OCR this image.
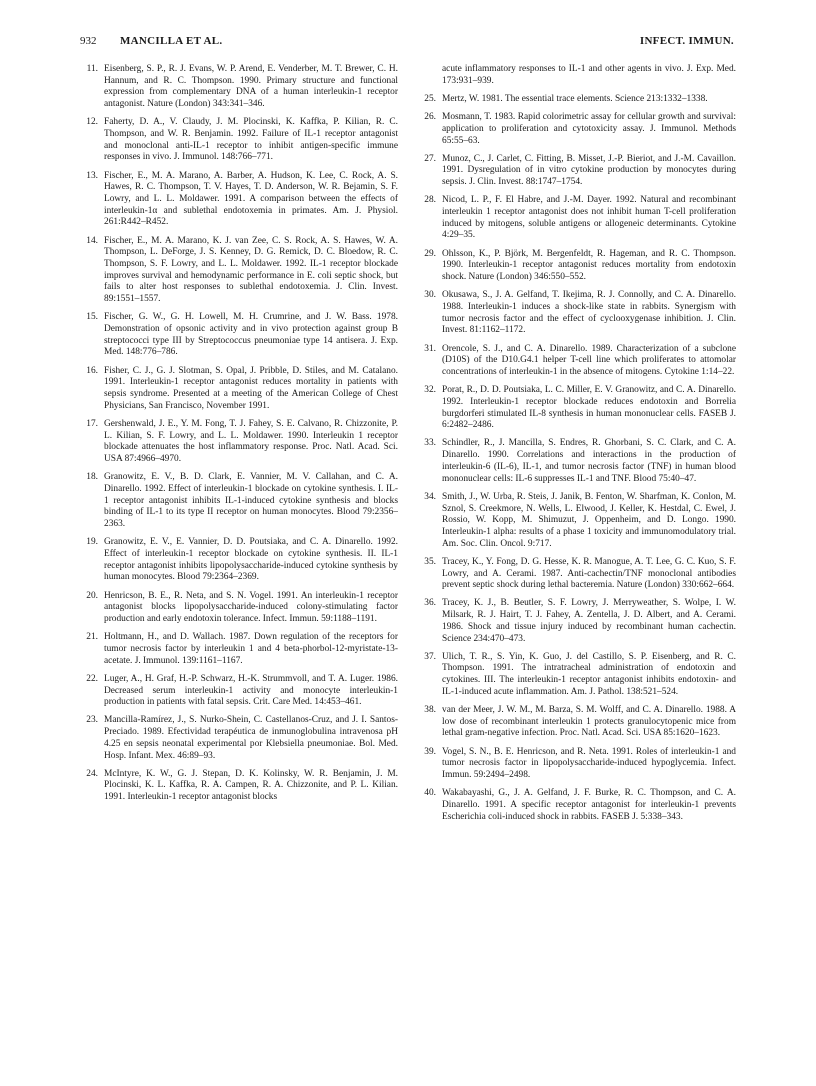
932 MANCILLA ET AL.	INFECT. IMMUN.
11. Eisenberg, S. P., R. J. Evans, W. P. Arend, E. Venderber, M. T. Brewer, C. H. Hannum, and R. C. Thompson. 1990. Primary structure and functional expression from complementary DNA of a human interleukin-1 receptor antagonist. Nature (London) 343:341–346.
12. Faherty, D. A., V. Claudy, J. M. Plocinski, K. Kaffka, P. Kilian, R. C. Thompson, and W. R. Benjamin. 1992. Failure of IL-1 receptor antagonist and monoclonal anti-IL-1 receptor to inhibit antigen-specific immune responses in vivo. J. Immunol. 148:766–771.
13. Fischer, E., M. A. Marano, A. Barber, A. Hudson, K. Lee, C. Rock, A. S. Hawes, R. C. Thompson, T. V. Hayes, T. D. Anderson, W. R. Bejamin, S. F. Lowry, and L. L. Moldawer. 1991. A comparison between the effects of interleukin-1α and sublethal endotoxemia in primates. Am. J. Physiol. 261:R442–R452.
14. Fischer, E., M. A. Marano, K. J. van Zee, C. S. Rock, A. S. Hawes, W. A. Thompson, L. DeForge, J. S. Kenney, D. G. Remick, D. C. Bloedow, R. C. Thompson, S. F. Lowry, and L. L. Moldawer. 1992. IL-1 receptor blockade improves survival and hemodynamic performance in E. coli septic shock, but fails to alter host responses to sublethal endotoxemia. J. Clin. Invest. 89:1551–1557.
15. Fischer, G. W., G. H. Lowell, M. H. Crumrine, and J. W. Bass. 1978. Demonstration of opsonic activity and in vivo protection against group B streptococci type III by Streptococcus pneumoniae type 14 antisera. J. Exp. Med. 148:776–786.
16. Fisher, C. J., G. J. Slotman, S. Opal, J. Pribble, D. Stiles, and M. Catalano. 1991. Interleukin-1 receptor antagonist reduces mortality in patients with sepsis syndrome. Presented at a meeting of the American College of Chest Physicians, San Francisco, November 1991.
17. Gershenwald, J. E., Y. M. Fong, T. J. Fahey, S. E. Calvano, R. Chizzonite, P. L. Kilian, S. F. Lowry, and L. L. Moldawer. 1990. Interleukin 1 receptor blockade attenuates the host inflammatory response. Proc. Natl. Acad. Sci. USA 87:4966–4970.
18. Granowitz, E. V., B. D. Clark, E. Vannier, M. V. Callahan, and C. A. Dinarello. 1992. Effect of interleukin-1 blockade on cytokine synthesis. I. IL-1 receptor antagonist inhibits IL-1-induced cytokine synthesis and blocks binding of IL-1 to its type II receptor on human monocytes. Blood 79:2356–2363.
19. Granowitz, E. V., E. Vannier, D. D. Poutsiaka, and C. A. Dinarello. 1992. Effect of interleukin-1 receptor blockade on cytokine synthesis. II. IL-1 receptor antagonist inhibits lipopolysaccharide-induced cytokine synthesis by human monocytes. Blood 79:2364–2369.
20. Henricson, B. E., R. Neta, and S. N. Vogel. 1991. An interleukin-1 receptor antagonist blocks lipopolysaccharide-induced colony-stimulating factor production and early endotoxin tolerance. Infect. Immun. 59:1188–1191.
21. Holtmann, H., and D. Wallach. 1987. Down regulation of the receptors for tumor necrosis factor by interleukin 1 and 4 beta-phorbol-12-myristate-13-acetate. J. Immunol. 139:1161–1167.
22. Luger, A., H. Graf, H.-P. Schwarz, H.-K. Strummvoll, and T. A. Luger. 1986. Decreased serum interleukin-1 activity and monocyte interleukin-1 production in patients with fatal sepsis. Crit. Care Med. 14:453–461.
23. Mancilla-Ramírez, J., S. Nurko-Shein, C. Castellanos-Cruz, and J. I. Santos-Preciado. 1989. Efectividad terapéutica de inmunoglobulina intravenosa pH 4.25 en sepsis neonatal experimental por Klebsiella pneumoniae. Bol. Med. Hosp. Infant. Mex. 46:89–93.
24. McIntyre, K. W., G. J. Stepan, D. K. Kolinsky, W. R. Benjamin, J. M. Plocinski, K. L. Kaffka, R. A. Campen, R. A. Chizzonite, and P. L. Kilian. 1991. Interleukin-1 receptor antagonist blocks
acute inflammatory responses to IL-1 and other agents in vivo. J. Exp. Med. 173:931–939.
25. Mertz, W. 1981. The essential trace elements. Science 213:1332–1338.
26. Mosmann, T. 1983. Rapid colorimetric assay for cellular growth and survival: application to proliferation and cytotoxicity assay. J. Immunol. Methods 65:55–63.
27. Munoz, C., J. Carlet, C. Fitting, B. Misset, J.-P. Bieriot, and J.-M. Cavaillon. 1991. Dysregulation of in vitro cytokine production by monocytes during sepsis. J. Clin. Invest. 88:1747–1754.
28. Nicod, L. P., F. El Habre, and J.-M. Dayer. 1992. Natural and recombinant interleukin 1 receptor antagonist does not inhibit human T-cell proliferation induced by mitogens, soluble antigens or allogeneic determinants. Cytokine 4:29–35.
29. Ohlsson, K., P. Björk, M. Bergenfeldt, R. Hageman, and R. C. Thompson. 1990. Interleukin-1 receptor antagonist reduces mortality from endotoxin shock. Nature (London) 346:550–552.
30. Okusawa, S., J. A. Gelfand, T. Ikejima, R. J. Connolly, and C. A. Dinarello. 1988. Interleukin-1 induces a shock-like state in rabbits. Synergism with tumor necrosis factor and the effect of cyclooxygenase inhibition. J. Clin. Invest. 81:1162–1172.
31. Orencole, S. J., and C. A. Dinarello. 1989. Characterization of a subclone (D10S) of the D10.G4.1 helper T-cell line which proliferates to attomolar concentrations of interleukin-1 in the absence of mitogens. Cytokine 1:14–22.
32. Porat, R., D. D. Poutsiaka, L. C. Miller, E. V. Granowitz, and C. A. Dinarello. 1992. Interleukin-1 receptor blockade reduces endotoxin and Borrelia burgdorferi stimulated IL-8 synthesis in human mononuclear cells. FASEB J. 6:2482–2486.
33. Schindler, R., J. Mancilla, S. Endres, R. Ghorbani, S. C. Clark, and C. A. Dinarello. 1990. Correlations and interactions in the production of interleukin-6 (IL-6), IL-1, and tumor necrosis factor (TNF) in human blood mononuclear cells: IL-6 suppresses IL-1 and TNF. Blood 75:40–47.
34. Smith, J., W. Urba, R. Steis, J. Janik, B. Fenton, W. Sharfman, K. Conlon, M. Sznol, S. Creekmore, N. Wells, L. Elwood, J. Keller, K. Hestdal, C. Ewel, J. Rossio, W. Kopp, M. Shimuzut, J. Oppenheim, and D. Longo. 1990. Interleukin-1 alpha: results of a phase 1 toxicity and immunomodulatory trial. Am. Soc. Clin. Oncol. 9:717.
35. Tracey, K., Y. Fong, D. G. Hesse, K. R. Manogue, A. T. Lee, G. C. Kuo, S. F. Lowry, and A. Cerami. 1987. Anti-cachectin/TNF monoclonal antibodies prevent septic shock during lethal bacteremia. Nature (London) 330:662–664.
36. Tracey, K. J., B. Beutler, S. F. Lowry, J. Merryweather, S. Wolpe, I. W. Milsark, R. J. Hairt, T. J. Fahey, A. Zentella, J. D. Albert, and A. Cerami. 1986. Shock and tissue injury induced by recombinant human cachectin. Science 234:470–473.
37. Ulich, T. R., S. Yin, K. Guo, J. del Castillo, S. P. Eisenberg, and R. C. Thompson. 1991. The intratracheal administration of endotoxin and cytokines. III. The interleukin-1 receptor antagonist inhibits endotoxin- and IL-1-induced acute inflammation. Am. J. Pathol. 138:521–524.
38. van der Meer, J. W. M., M. Barza, S. M. Wolff, and C. A. Dinarello. 1988. A low dose of recombinant interleukin 1 protects granulocytopenic mice from lethal gram-negative infection. Proc. Natl. Acad. Sci. USA 85:1620–1623.
39. Vogel, S. N., B. E. Henricson, and R. Neta. 1991. Roles of interleukin-1 and tumor necrosis factor in lipopolysaccharide-induced hypoglycemia. Infect. Immun. 59:2494–2498.
40. Wakabayashi, G., J. A. Gelfand, J. F. Burke, R. C. Thompson, and C. A. Dinarello. 1991. A specific receptor antagonist for interleukin-1 prevents Escherichia coli-induced shock in rabbits. FASEB J. 5:338–343.
